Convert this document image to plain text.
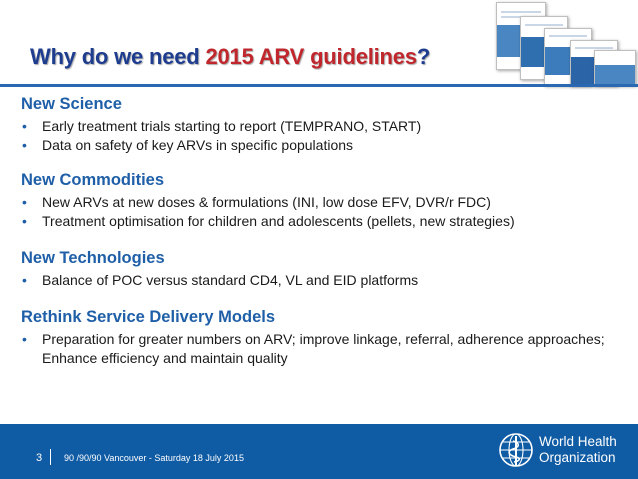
Why do we need 2015 ARV guidelines?
New Science
• Early treatment trials starting to report (TEMPRANO, START)
• Data on safety of key ARVs in specific populations
New Commodities
• New ARVs at new doses & formulations (INI, low dose EFV, DVR/r FDC)
• Treatment optimisation for children and adolescents (pellets, new strategies)
New Technologies
• Balance of POC versus standard CD4, VL and EID platforms
Rethink Service Delivery Models
• Preparation for greater numbers on ARV; improve linkage, referral, adherence approaches; Enhance efficiency and maintain quality
3 90 /90/90 Vancouver - Saturday 18 July 2015
World Health
Organization
